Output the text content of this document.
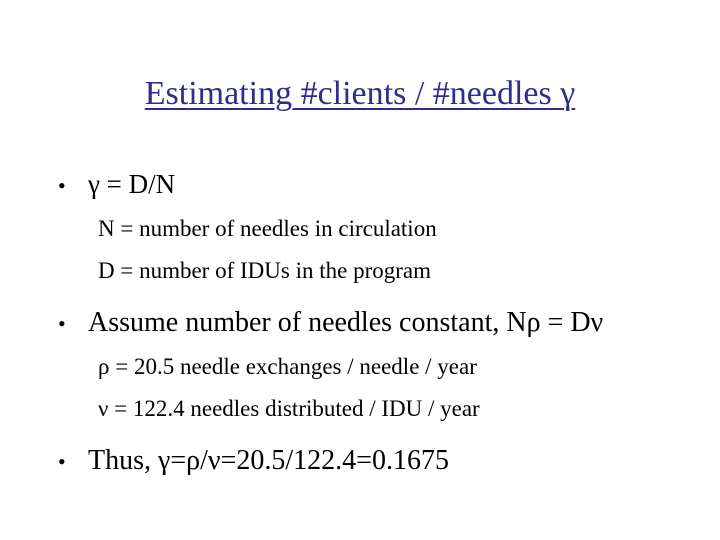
Estimating #clients / #needles γ
• γ = D/N
N = number of needles in circulation
D = number of IDUs in the program
• Assume number of needles constant, Nρ = Dν
ρ = 20.5 needle exchanges / needle / year
ν = 122.4 needles distributed / IDU / year
• Thus, γ=ρ/ν=20.5/122.4=0.1675
